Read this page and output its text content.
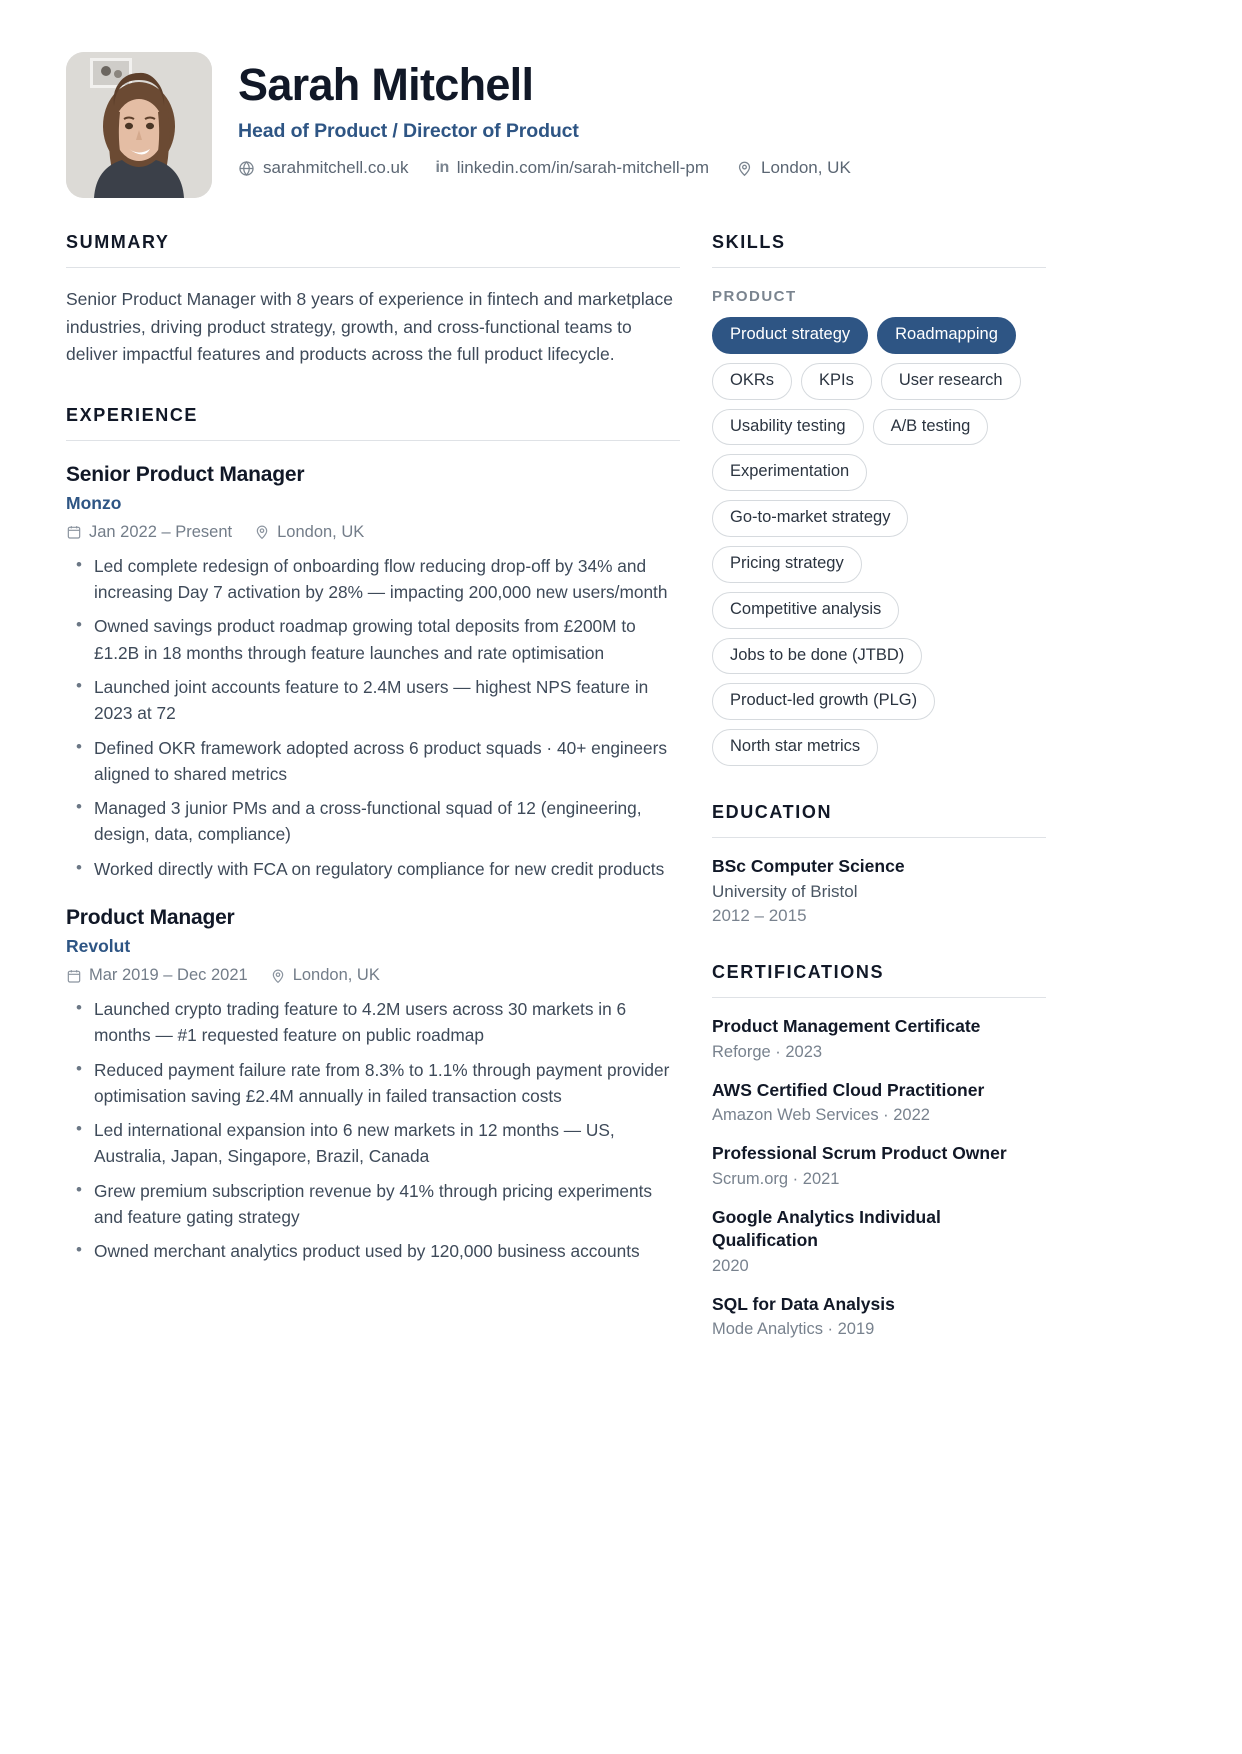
Sarah Mitchell
Head of Product / Director of Product
sarahmitchell.co.uk in linkedin.com/in/sarah-mitchell-pm	London, UK
SUMMARY

Senior Product Manager with 8 years of experience in fintech and marketplace industries, driving product strategy, growth, and cross-functional teams to deliver impactful features and products across the full product lifecycle.

EXPERIENCE
Senior Product Manager
Monzo
Jan 2022 – Present	London, UK
• Led complete redesign of onboarding flow reducing drop-off by 34% and increasing Day 7 activation by 28% — impacting 200,000 new users/month
• Owned savings product roadmap growing total deposits from £200M to £1.2B in 18 months through feature launches and rate optimisation
• Launched joint accounts feature to 2.4M users — highest NPS feature in 2023 at 72
• Defined OKR framework adopted across 6 product squads · 40+ engineers aligned to shared metrics
• Managed 3 junior PMs and a cross-functional squad of 12 (engineering, design, data, compliance)
• Worked directly with FCA on regulatory compliance for new credit products
Product Manager
Revolut
Mar 2019 – Dec 2021	London, UK
• Launched crypto trading feature to 4.2M users across 30 markets in 6 months — #1 requested feature on public roadmap
• Reduced payment failure rate from 8.3% to 1.1% through payment provider optimisation saving £2.4M annually in failed transaction costs
• Led international expansion into 6 new markets in 12 months — US, Australia, Japan, Singapore, Brazil, Canada
• Grew premium subscription revenue by 41% through pricing experiments and feature gating strategy
• Owned merchant analytics product used by 120,000 business accounts
SKILLS
PRODUCT
Product strategy	Roadmapping
OKRs	KPIs	User research
Usability testing	A/B testing
Experimentation
Go-to-market strategy
Pricing strategy
Competitive analysis
Jobs to be done (JTBD)
Product-led growth (PLG)
North star metrics
EDUCATION
BSc Computer Science
University of Bristol
2012 – 2015
CERTIFICATIONS
Product Management Certificate
Reforge · 2023
AWS Certified Cloud Practitioner
Amazon Web Services · 2022
Professional Scrum Product Owner
Scrum.org · 2021
Google Analytics Individual Qualification
2020
SQL for Data Analysis
Mode Analytics · 2019
